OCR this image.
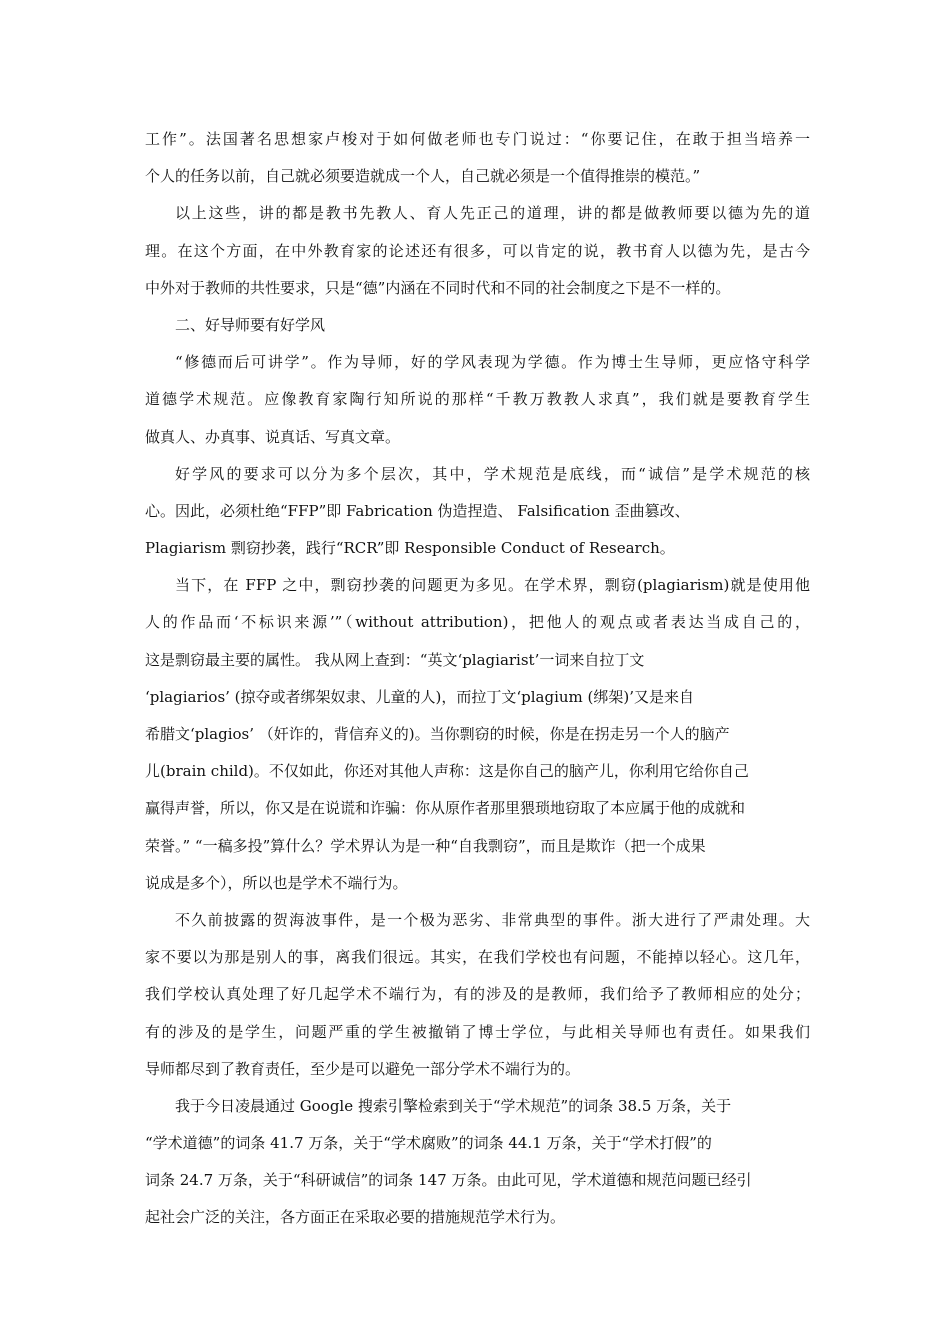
工作”。法国著名思想家卢梭对于如何做老师也专门说过：“你要记住，在敢于担当培养一
个人的任务以前，自己就必须要造就成一个人，自己就必须是一个值得推崇的模范。”
以上这些，讲的都是教书先教人、育人先正己的道理，讲的都是做教师要以德为先的道
理。在这个方面，在中外教育家的论述还有很多，可以肯定的说，教书育人以德为先，是古今
中外对于教师的共性要求，只是“德”内涵在不同时代和不同的社会制度之下是不一样的。
二、好导师要有好学风
“修德而后可讲学”。作为导师，好的学风表现为学德。作为博士生导师，更应恪守科学
道德学术规范。应像教育家陶行知所说的那样“千教万教教人求真”，我们就是要教育学生
做真人、办真事、说真话、写真文章。
好学风的要求可以分为多个层次，其中，学术规范是底线，而“诚信”是学术规范的核
心。因此，必须杜绝“FFP”即 Fabrication 伪造捏造、 Falsification 歪曲篡改、
Plagiarism 剽窃抄袭，践行“RCR”即 Responsible Conduct of Research。
当下，在 FFP 之中，剽窃抄袭的问题更为多见。在学术界，剽窃(plagiarism)就是使用他
人的作品而‘不标识来源’”（without attribution)，把他人的观点或者表达当成自己的，
这是剽窃最主要的属性。 我从网上查到：“英文‘plagiarist’一词来自拉丁文
‘plagiarios’ (掠夺或者绑架奴隶、儿童的人)，而拉丁文‘plagium (绑架)’又是来自
希腊文‘plagios’ （奸诈的，背信弃义的)。当你剽窃的时候，你是在拐走另一个人的脑产
儿(brain child)。不仅如此，你还对其他人声称：这是你自己的脑产儿，你利用它给你自己
赢得声誉，所以，你又是在说谎和诈骗：你从原作者那里猥琐地窃取了本应属于他的成就和
荣誉。” “一稿多投”算什么？学术界认为是一种“自我剽窃”，而且是欺诈（把一个成果
说成是多个），所以也是学术不端行为。
不久前披露的贺海波事件，是一个极为恶劣、非常典型的事件。浙大进行了严肃处理。大
家不要以为那是别人的事，离我们很远。其实，在我们学校也有问题，不能掉以轻心。这几年，
我们学校认真处理了好几起学术不端行为，有的涉及的是教师，我们给予了教师相应的处分；
有的涉及的是学生，问题严重的学生被撤销了博士学位，与此相关导师也有责任。如果我们
导师都尽到了教育责任，至少是可以避免一部分学术不端行为的。
我于今日凌晨通过 Google 搜索引擎检索到关于“学术规范”的词条 38.5 万条，关于
“学术道德”的词条 41.7 万条，关于“学术腐败”的词条 44.1 万条，关于“学术打假”的
词条 24.7 万条，关于“科研诚信”的词条 147 万条。由此可见，学术道德和规范问题已经引
起社会广泛的关注，各方面正在采取必要的措施规范学术行为。
